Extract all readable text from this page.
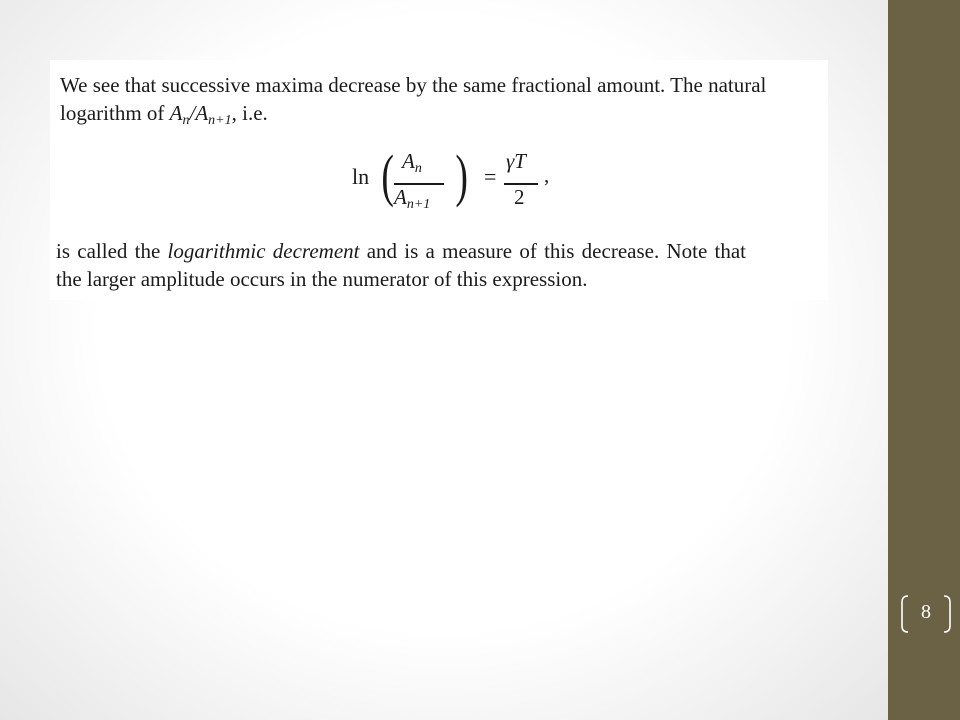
We see that successive maxima decrease by the same fractional amount. The natural
logarithm of $A_n/A_{n+1}$, i.e.

ln ( $A_n$
$A_{n+1}$ ) =
γT
2
,

is called the logarithmic decrement and is a measure of this decrease. Note that
the larger amplitude occurs in the numerator of this expression.

8
